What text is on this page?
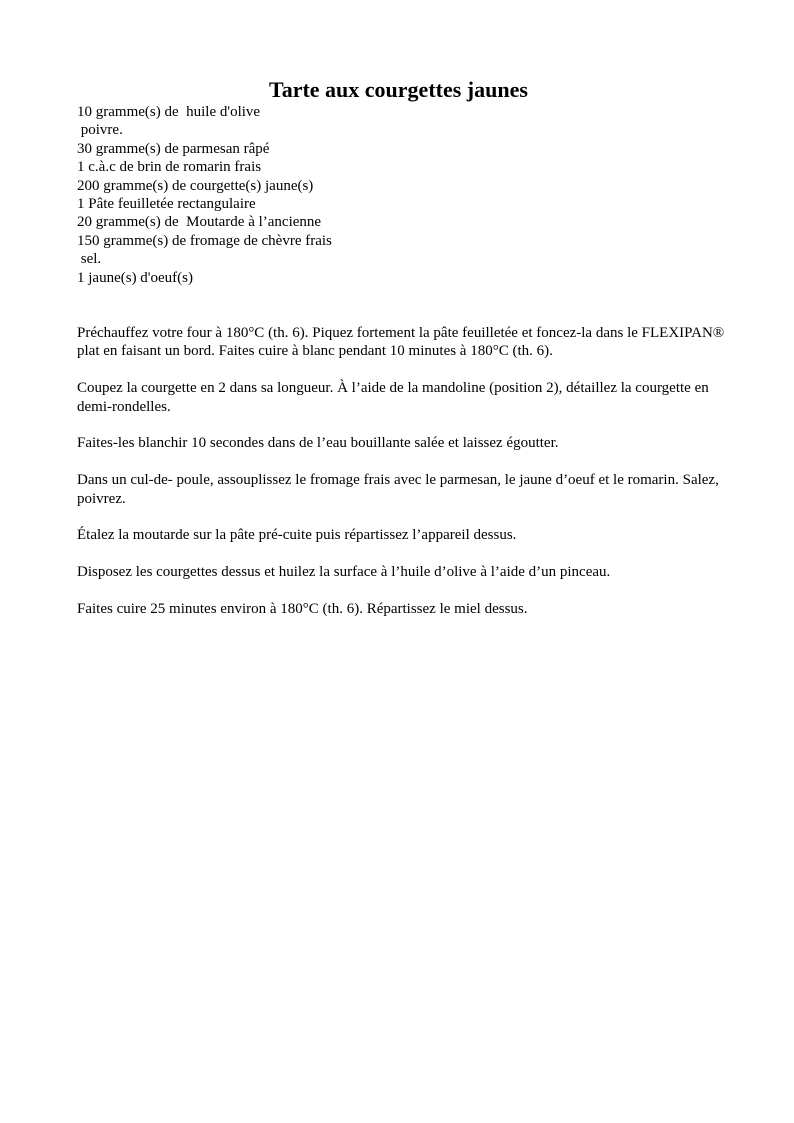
Tarte aux courgettes jaunes
10 gramme(s) de  huile d'olive
poivre.
30 gramme(s) de parmesan râpé
1 c.à.c de brin de romarin frais
200 gramme(s) de courgette(s) jaune(s)
1 Pâte feuilletée rectangulaire
20 gramme(s) de  Moutarde à l’ancienne
150 gramme(s) de fromage de chèvre frais
sel.
1 jaune(s) d'oeuf(s)

Préchauffez votre four à 180°C (th. 6). Piquez fortement la pâte feuilletée et foncez-la dans le FLEXIPAN® plat en faisant un bord. Faites cuire à blanc pendant 10 minutes à 180°C (th. 6).

Coupez la courgette en 2 dans sa longueur. À l’aide de la mandoline (position 2), détaillez la courgette en demi-rondelles.

Faites-les blanchir 10 secondes dans de l’eau bouillante salée et laissez égoutter.

Dans un cul-de- poule, assouplissez le fromage frais avec le parmesan, le jaune d’oeuf et le romarin. Salez, poivrez.

Étalez la moutarde sur la pâte pré-cuite puis répartissez l’appareil dessus.

Disposez les courgettes dessus et huilez la surface à l’huile d’olive à l’aide d’un pinceau.

Faites cuire 25 minutes environ à 180°C (th. 6). Répartissez le miel dessus.
